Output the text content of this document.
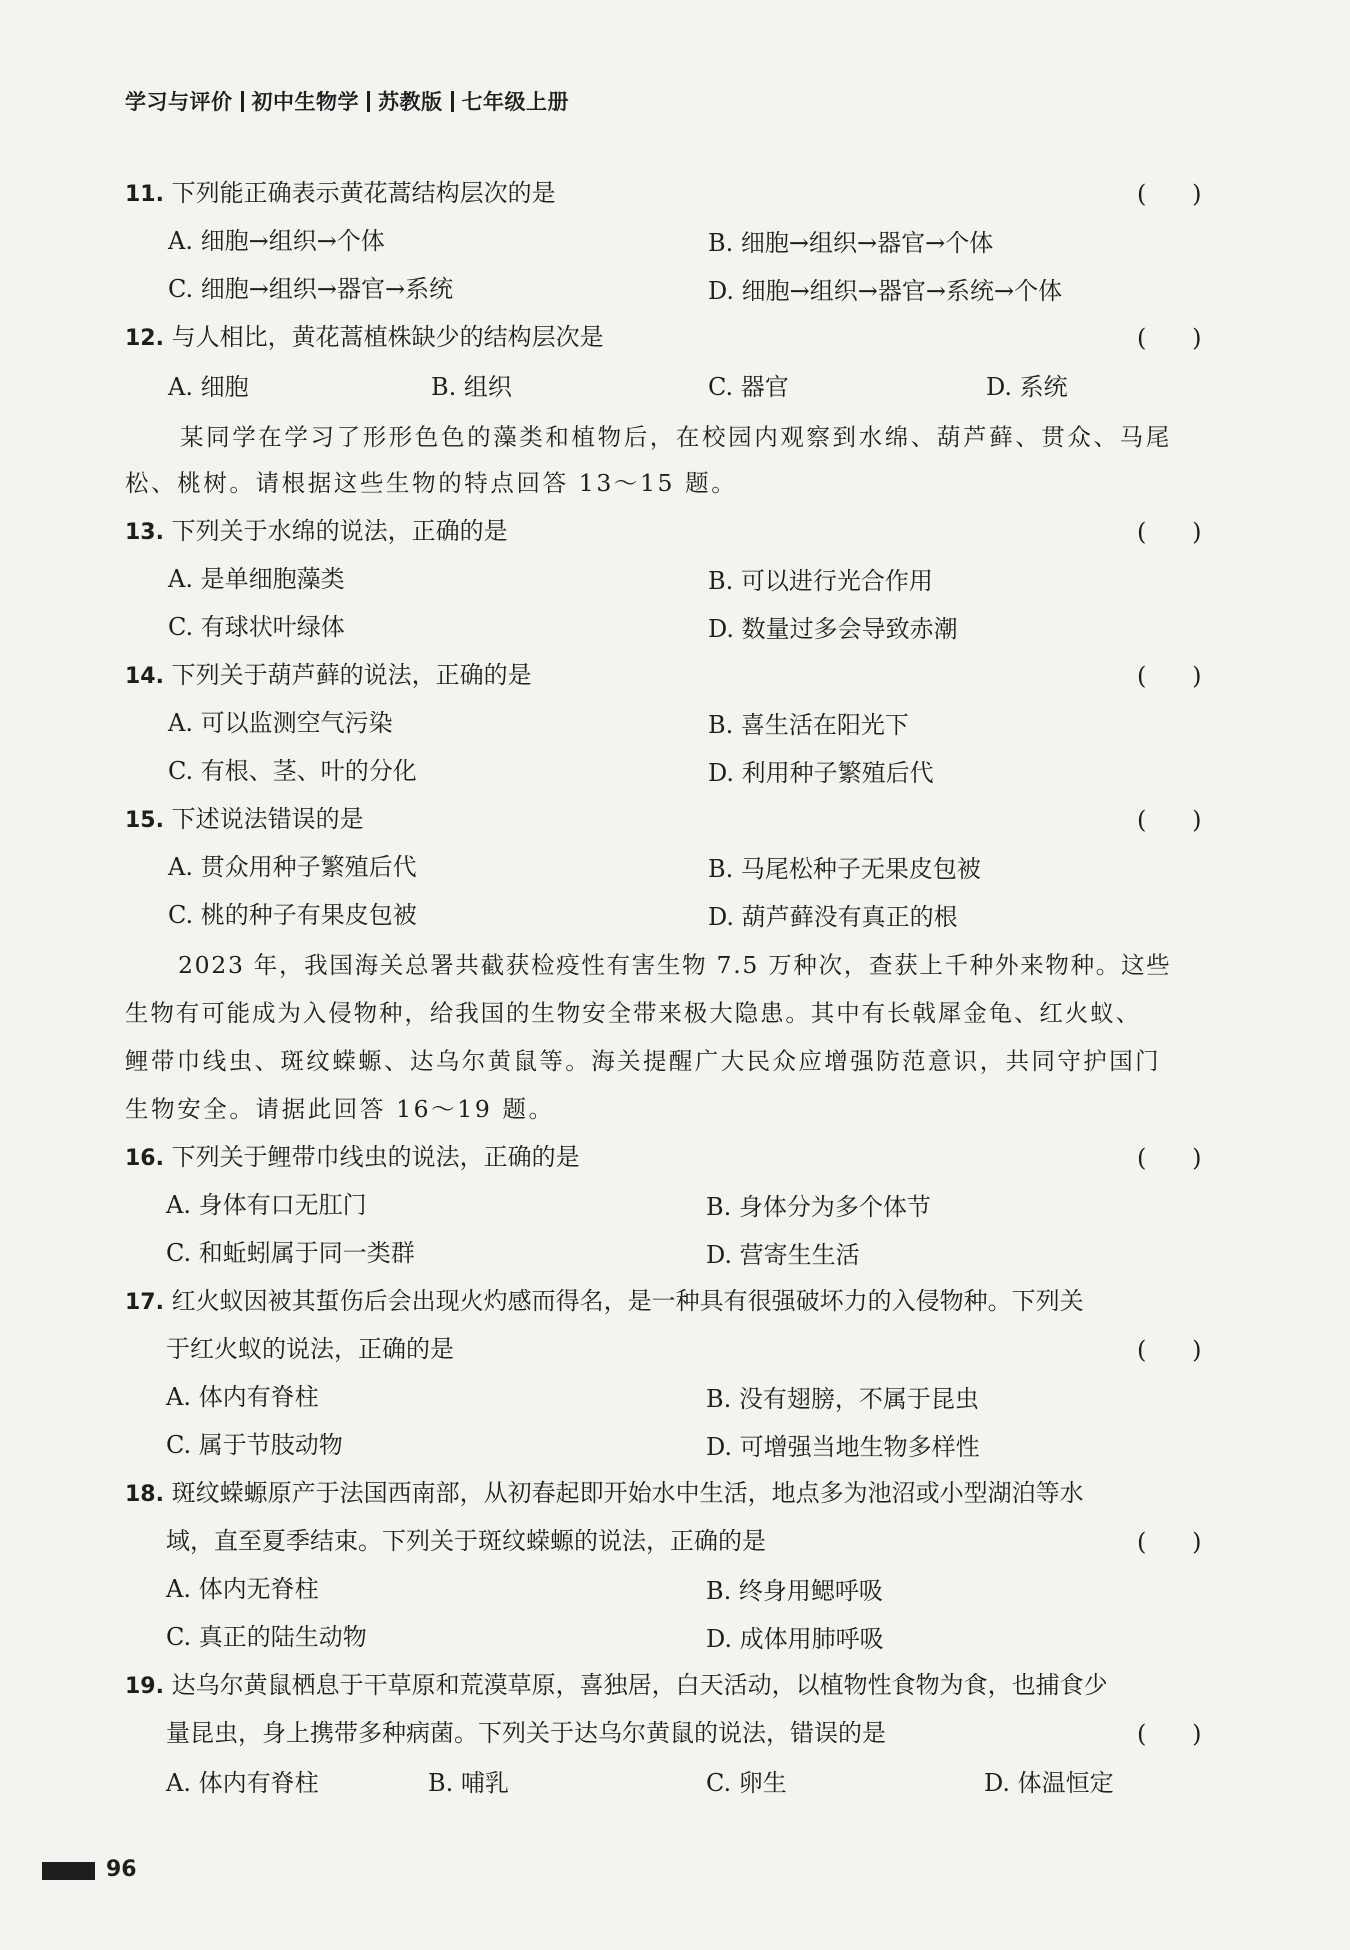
学习与评价 初中生物学 苏教版 七年级上册
11. 下列能正确表示黄花蒿结构层次的是	(      )
A. 细胞→组织→个体	B. 细胞→组织→器官→个体
C. 细胞→组织→器官→系统	D. 细胞→组织→器官→系统→个体
12. 与人相比，黄花蒿植株缺少的结构层次是	(      )
A. 细胞	B. 组织	C. 器官	D. 系统
某同学在学习了形形色色的藻类和植物后，在校园内观察到水绵、葫芦藓、贯众、马尾
松、桃树。请根据这些生物的特点回答 13～15 题。
13. 下列关于水绵的说法，正确的是	(      )
A. 是单细胞藻类	B. 可以进行光合作用
C. 有球状叶绿体	D. 数量过多会导致赤潮
14. 下列关于葫芦藓的说法，正确的是	(      )
A. 可以监测空气污染	B. 喜生活在阳光下
C. 有根、茎、叶的分化	D. 利用种子繁殖后代
15. 下述说法错误的是	(      )
A. 贯众用种子繁殖后代	B. 马尾松种子无果皮包被
C. 桃的种子有果皮包被	D. 葫芦藓没有真正的根
2023 年，我国海关总署共截获检疫性有害生物 7.5 万种次，查获上千种外来物种。这些
生物有可能成为入侵物种，给我国的生物安全带来极大隐患。其中有长戟犀金龟、红火蚁、
鲤带巾线虫、斑纹蝾螈、达乌尔黄鼠等。海关提醒广大民众应增强防范意识，共同守护国门
生物安全。请据此回答 16～19 题。
16. 下列关于鲤带巾线虫的说法，正确的是	(      )
A. 身体有口无肛门	B. 身体分为多个体节
C. 和蚯蚓属于同一类群	D. 营寄生生活
17. 红火蚁因被其蜇伤后会出现火灼感而得名，是一种具有很强破坏力的入侵物种。下列关
于红火蚁的说法，正确的是	(      )
A. 体内有脊柱	B. 没有翅膀，不属于昆虫
C. 属于节肢动物	D. 可增强当地生物多样性
18. 斑纹蝾螈原产于法国西南部，从初春起即开始水中生活，地点多为池沼或小型湖泊等水
域，直至夏季结束。下列关于斑纹蝾螈的说法，正确的是	(      )
A. 体内无脊柱	B. 终身用鳃呼吸
C. 真正的陆生动物	D. 成体用肺呼吸
19. 达乌尔黄鼠栖息于干草原和荒漠草原，喜独居，白天活动，以植物性食物为食，也捕食少
量昆虫，身上携带多种病菌。下列关于达乌尔黄鼠的说法，错误的是	(      )
A. 体内有脊柱	B. 哺乳	C. 卵生	D. 体温恒定
96
